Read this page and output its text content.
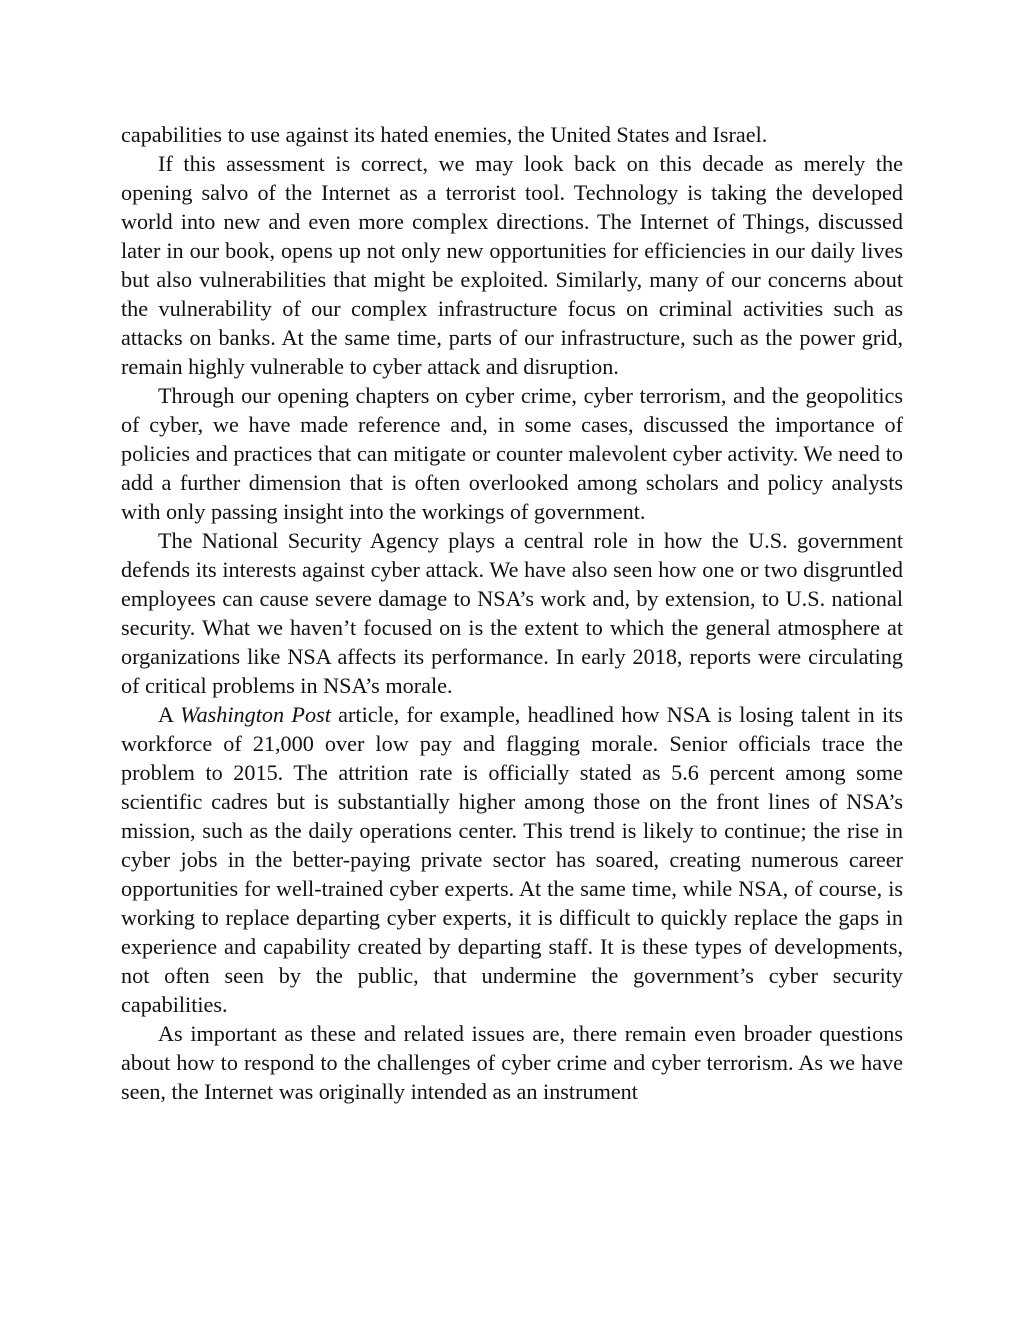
capabilities to use against its hated enemies, the United States and Israel.

If this assessment is correct, we may look back on this decade as merely the opening salvo of the Internet as a terrorist tool. Technology is taking the developed world into new and even more complex directions. The Internet of Things, discussed later in our book, opens up not only new opportunities for efficiencies in our daily lives but also vulnerabilities that might be exploited. Similarly, many of our concerns about the vulnerability of our complex infrastructure focus on criminal activities such as attacks on banks. At the same time, parts of our infrastructure, such as the power grid, remain highly vulnerable to cyber attack and disruption.

Through our opening chapters on cyber crime, cyber terrorism, and the geopolitics of cyber, we have made reference and, in some cases, discussed the importance of policies and practices that can mitigate or counter malevolent cyber activity. We need to add a further dimension that is often overlooked among scholars and policy analysts with only passing insight into the workings of government.

The National Security Agency plays a central role in how the U.S. government defends its interests against cyber attack. We have also seen how one or two disgruntled employees can cause severe damage to NSA’s work and, by extension, to U.S. national security. What we haven’t focused on is the extent to which the general atmosphere at organizations like NSA affects its performance. In early 2018, reports were circulating of critical problems in NSA’s morale.

A Washington Post article, for example, headlined how NSA is losing talent in its workforce of 21,000 over low pay and flagging morale. Senior officials trace the problem to 2015. The attrition rate is officially stated as 5.6 percent among some scientific cadres but is substantially higher among those on the front lines of NSA’s mission, such as the daily operations center. This trend is likely to continue; the rise in cyber jobs in the better-paying private sector has soared, creating numerous career opportunities for well-trained cyber experts. At the same time, while NSA, of course, is working to replace departing cyber experts, it is difficult to quickly replace the gaps in experience and capability created by departing staff. It is these types of developments, not often seen by the public, that undermine the government’s cyber security capabilities.

As important as these and related issues are, there remain even broader questions about how to respond to the challenges of cyber crime and cyber terrorism. As we have seen, the Internet was originally intended as an instrument
